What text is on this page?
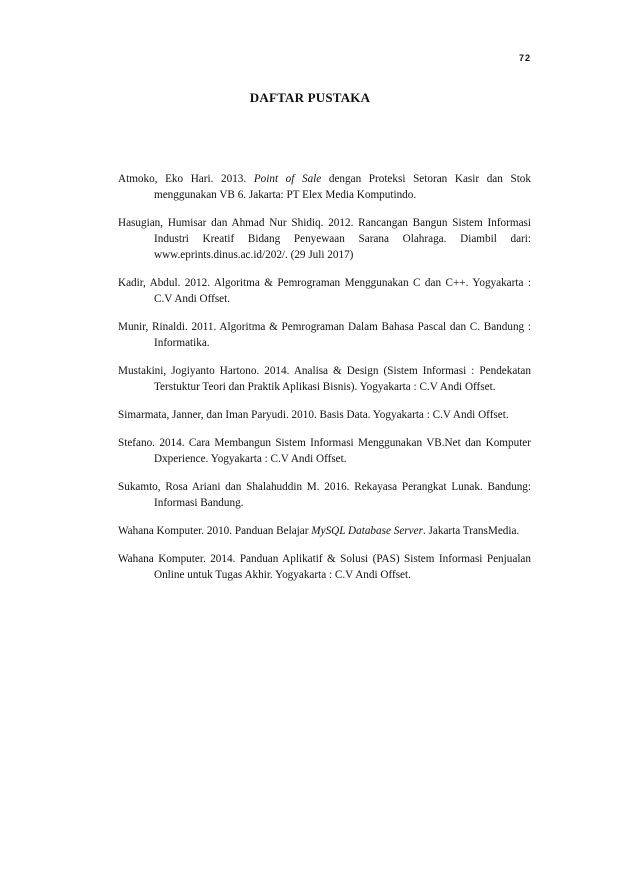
72
DAFTAR PUSTAKA
Atmoko, Eko Hari. 2013. Point of Sale dengan Proteksi Setoran Kasir dan Stok menggunakan VB 6. Jakarta: PT Elex Media Komputindo.
Hasugian, Humisar dan Ahmad Nur Shidiq. 2012. Rancangan Bangun Sistem Informasi Industri Kreatif Bidang Penyewaan Sarana Olahraga. Diambil dari: www.eprints.dinus.ac.id/202/. (29 Juli 2017)
Kadir, Abdul. 2012. Algoritma & Pemrograman Menggunakan C dan C++. Yogyakarta : C.V Andi Offset.
Munir, Rinaldi. 2011. Algoritma & Pemrograman Dalam Bahasa Pascal dan C. Bandung : Informatika.
Mustakini, Jogiyanto Hartono. 2014. Analisa & Design (Sistem Informasi : Pendekatan Terstuktur Teori dan Praktik Aplikasi Bisnis). Yogyakarta : C.V Andi Offset.
Simarmata, Janner, dan Iman Paryudi. 2010. Basis Data. Yogyakarta : C.V Andi Offset.
Stefano. 2014. Cara Membangun Sistem Informasi Menggunakan VB.Net dan Komputer Dxperience. Yogyakarta : C.V Andi Offset.
Sukamto, Rosa Ariani dan Shalahuddin M. 2016. Rekayasa Perangkat Lunak. Bandung: Informasi Bandung.
Wahana Komputer. 2010. Panduan Belajar MySQL Database Server. Jakarta TransMedia.
Wahana Komputer. 2014. Panduan Aplikatif & Solusi (PAS) Sistem Informasi Penjualan Online untuk Tugas Akhir. Yogyakarta : C.V Andi Offset.
